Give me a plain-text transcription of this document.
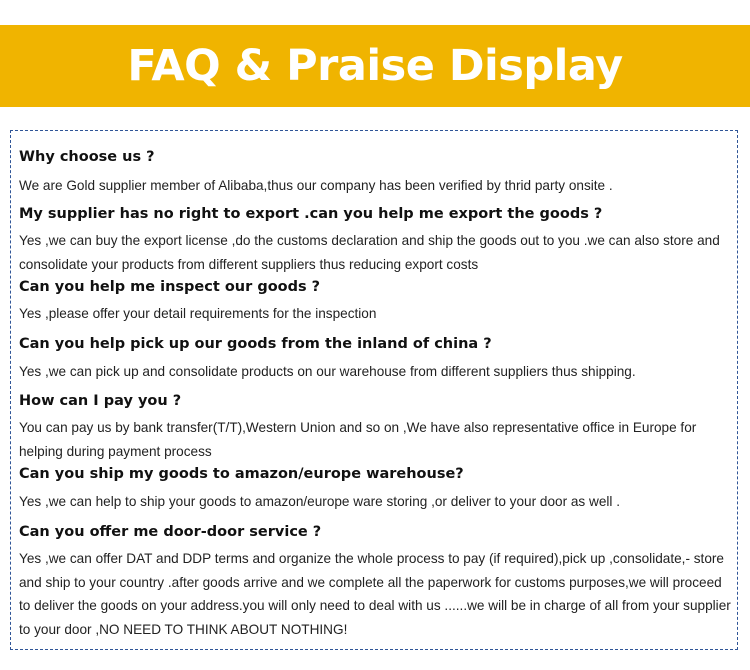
FAQ & Praise Display

Why choose us ?

We are Gold supplier member of Alibaba,thus our company has been verified by thrid party onsite .

My supplier has no right to export .can you help me export the goods ?

Yes ,we can buy the export license ,do the customs declaration and ship the goods out to you .we can also store and consolidate your products from different suppliers thus reducing export costs

Can you help me inspect our goods ?

Yes ,please offer your detail requirements for the inspection

Can you help pick up our goods from the inland of china ?

Yes ,we can pick up and consolidate products on our warehouse from different suppliers thus shipping.

How can I pay you ?

You can pay us by bank transfer(T/T),Western Union and so on ,We have also representative office in Europe for helping during payment process

Can you ship my goods to amazon/europe warehouse?

Yes ,we can help to ship your goods to amazon/europe ware storing ,or deliver to your door as well .

Can you offer me door-door service ?

Yes ,we can offer DAT and DDP terms and organize the whole process to pay (if required),pick up ,consolidate,- store and ship to your country .after goods arrive and we complete all the paperwork for customs purposes,we will proceed to deliver the goods on your address.you will only need to deal with us ......we will be in charge of all from your supplier to your door ,NO NEED TO THINK ABOUT NOTHING!
